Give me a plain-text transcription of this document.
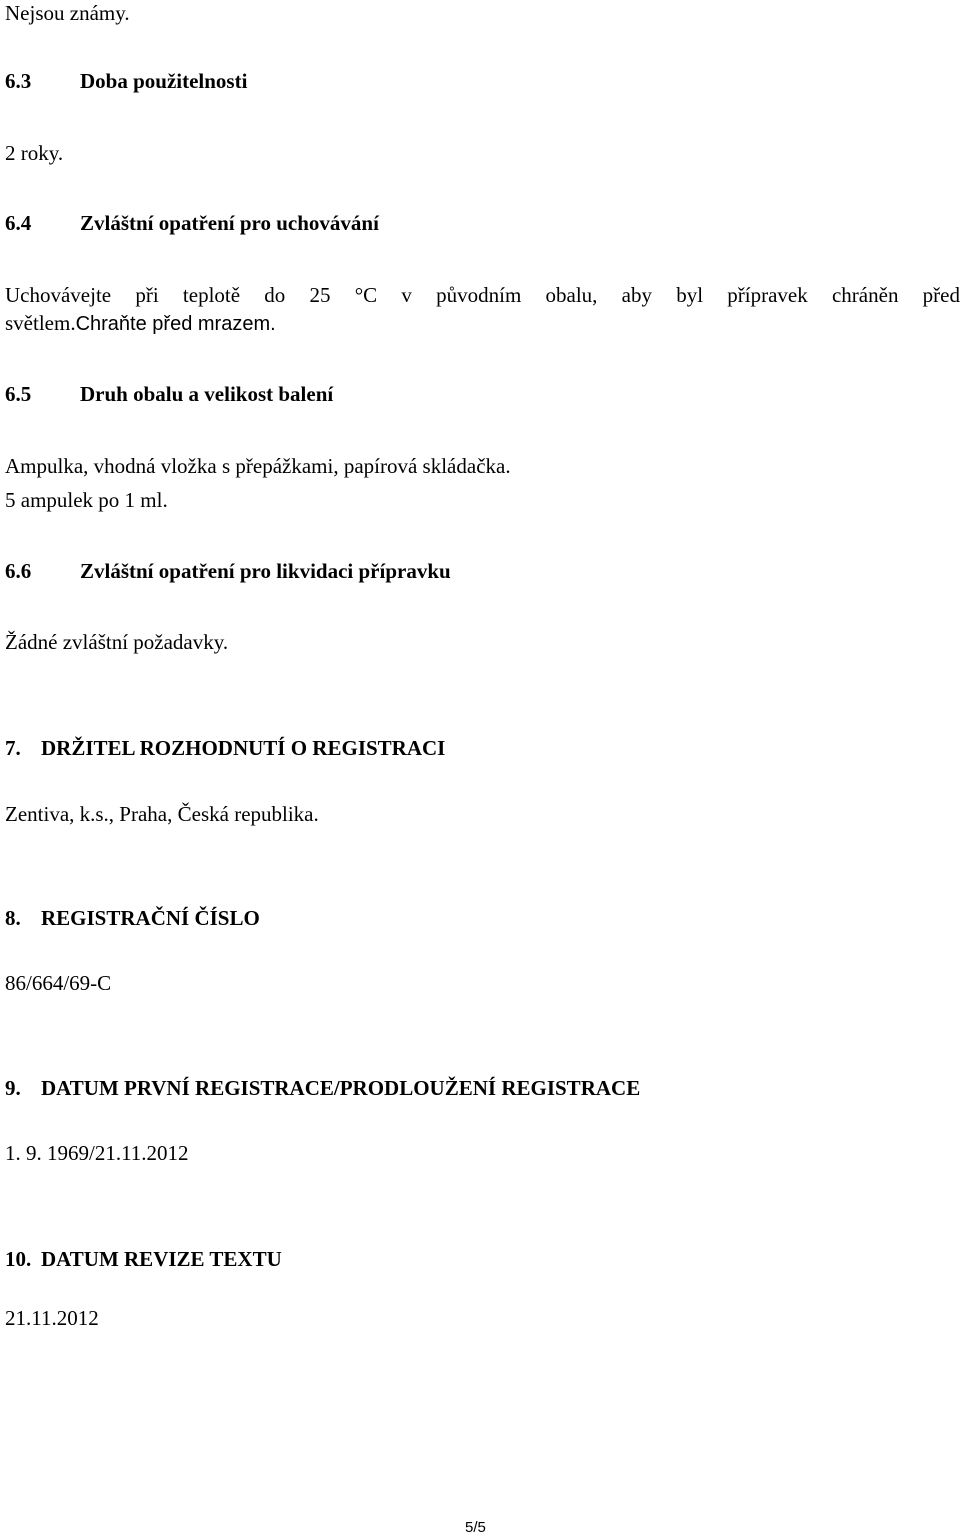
Nejsou známy.
6.3 Doba použitelnosti
2 roky.
6.4 Zvláštní opatření pro uchovávání
Uchovávejte při teplotě do 25 °C v původním obalu, aby byl přípravek chráněn před
světlem.Chraňte před mrazem.
6.5 Druh obalu a velikost balení
Ampulka, vhodná vložka s přepážkami, papírová skládačka.
5 ampulek po 1 ml.
6.6 Zvláštní opatření pro likvidaci přípravku
Žádné zvláštní požadavky.
7. DRŽITEL ROZHODNUTÍ O REGISTRACI
Zentiva, k.s., Praha, Česká republika.
8. REGISTRAČNÍ ČÍSLO
86/664/69-C
9. DATUM PRVNÍ REGISTRACE/PRODLOUŽENÍ REGISTRACE
1. 9. 1969/21.11.2012
10. DATUM REVIZE TEXTU
21.11.2012
5/5
